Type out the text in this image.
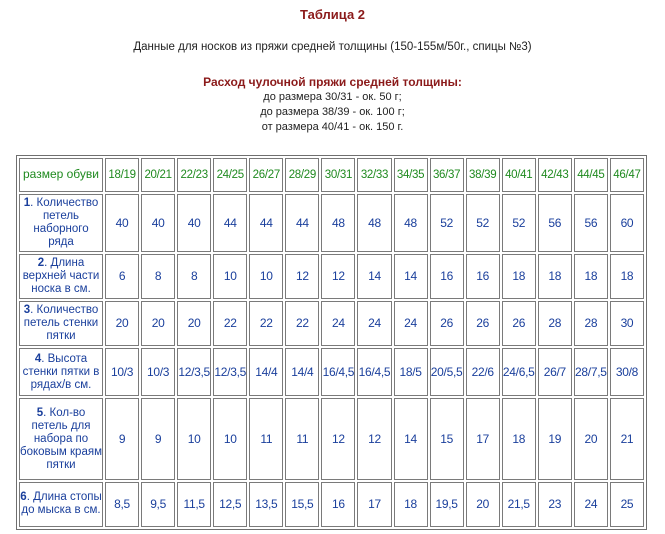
Таблица 2
Данные для носков из пряжи средней толщины (150-155м/50г., спицы №3)
Расход чулочной пряжи средней толщины:
до размера 30/31 - ок. 50 г;
до размера 38/39 - ок. 100 г;
от размера 40/41 - ок. 150 г.
размер обуви	18/19	20/21	22/23	24/25	26/27	28/29	30/31	32/33	34/35	36/37	38/39	40/41	42/43	44/45	46/47
1. Количество петель наборного ряда	40	40	40	44	44	44	48	48	48	52	52	52	56	56	60
2. Длина верхней части носка в см.	6	8	8	10	10	12	12	14	14	16	16	18	18	18	18
3. Количество петель стенки пятки	20	20	20	22	22	22	24	24	24	26	26	26	28	28	30
4. Высота стенки пятки в рядах/в см.	10/3	10/3	12/3,5	12/3,5	14/4	14/4	16/4,5	16/4,5	18/5	20/5,5	22/6	24/6,5	26/7	28/7,5	30/8
5. Кол-во петель для набора по боковым краям пятки	9	9	10	10	11	11	12	12	14	15	17	18	19	20	21
6. Длина стопы до мыска в см.	8,5	9,5	11,5	12,5	13,5	15,5	16	17	18	19,5	20	21,5	23	24	25
